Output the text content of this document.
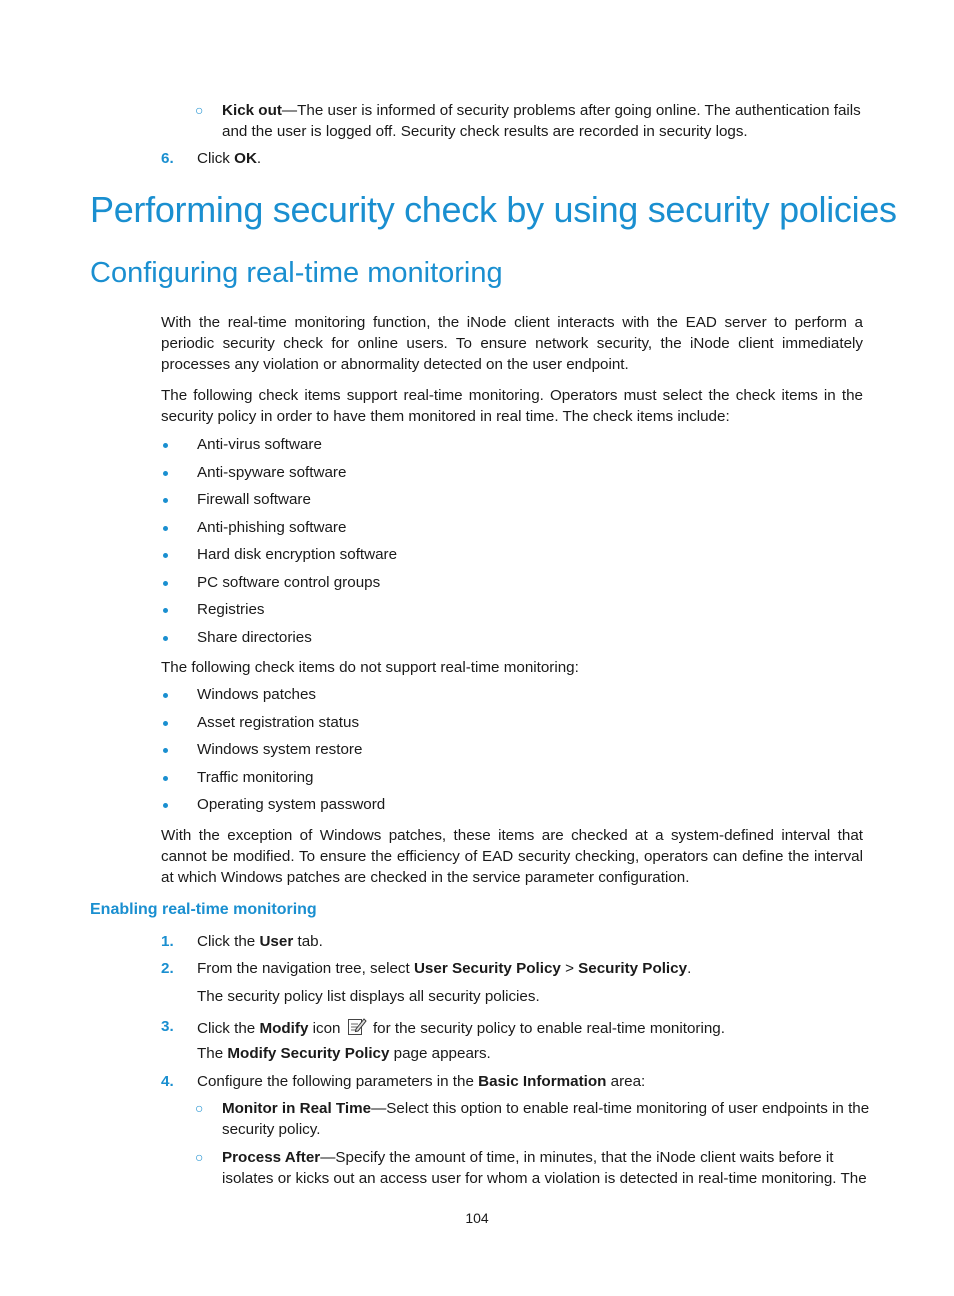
○ Kick out—The user is informed of security problems after going online. The authentication fails
and the user is logged off. Security check results are recorded in security logs.
6. Click OK.
Performing security check by using security policies
Configuring real-time monitoring
With the real-time monitoring function, the iNode client interacts with the EAD server to perform a periodic security check for online users. To ensure network security, the iNode client immediately processes any violation or abnormality detected on the user endpoint.
The following check items support real-time monitoring. Operators must select the check items in the security policy in order to have them monitored in real time. The check items include:
Anti-virus software
Anti-spyware software
Firewall software
Anti-phishing software
Hard disk encryption software
PC software control groups
Registries
Share directories
The following check items do not support real-time monitoring:
Windows patches
Asset registration status
Windows system restore
Traffic monitoring
Operating system password
With the exception of Windows patches, these items are checked at a system-defined interval that cannot be modified. To ensure the efficiency of EAD security checking, operators can define the interval at which Windows patches are checked in the service parameter configuration.
Enabling real-time monitoring
1. Click the User tab.
2. From the navigation tree, select User Security Policy > Security Policy.
The security policy list displays all security policies.
3. Click the Modify icon  for the security policy to enable real-time monitoring.
The Modify Security Policy page appears.
4. Configure the following parameters in the Basic Information area:
○ Monitor in Real Time—Select this option to enable real-time monitoring of user endpoints in the
security policy.
○ Process After—Specify the amount of time, in minutes, that the iNode client waits before it
isolates or kicks out an access user for whom a violation is detected in real-time monitoring. The
104
